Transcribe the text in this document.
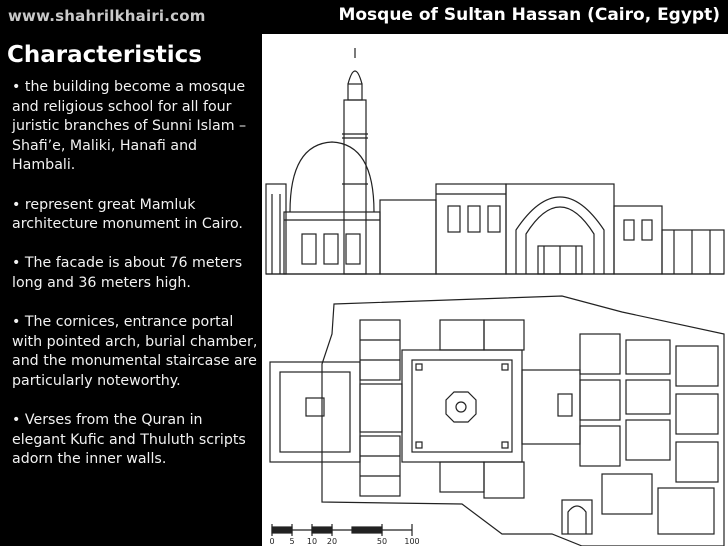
www.shahrilkhairi.com	Mosque of Sultan Hassan (Cairo, Egypt)
Characteristics
• the building become a mosque and religious school for all four juristic branches of Sunni Islam – Shafi’e, Maliki, Hanafi and Hambali.
• represent great Mamluk architecture monument in Cairo.
• The facade is about 76 meters long and 36 meters high.
• The cornices, entrance portal with pointed arch, burial chamber, and the monumental staircase are particularly noteworthy.
• Verses from the Quran in elegant Kufic and Thuluth scripts adorn the inner walls.
0 5 10 20	50 100
